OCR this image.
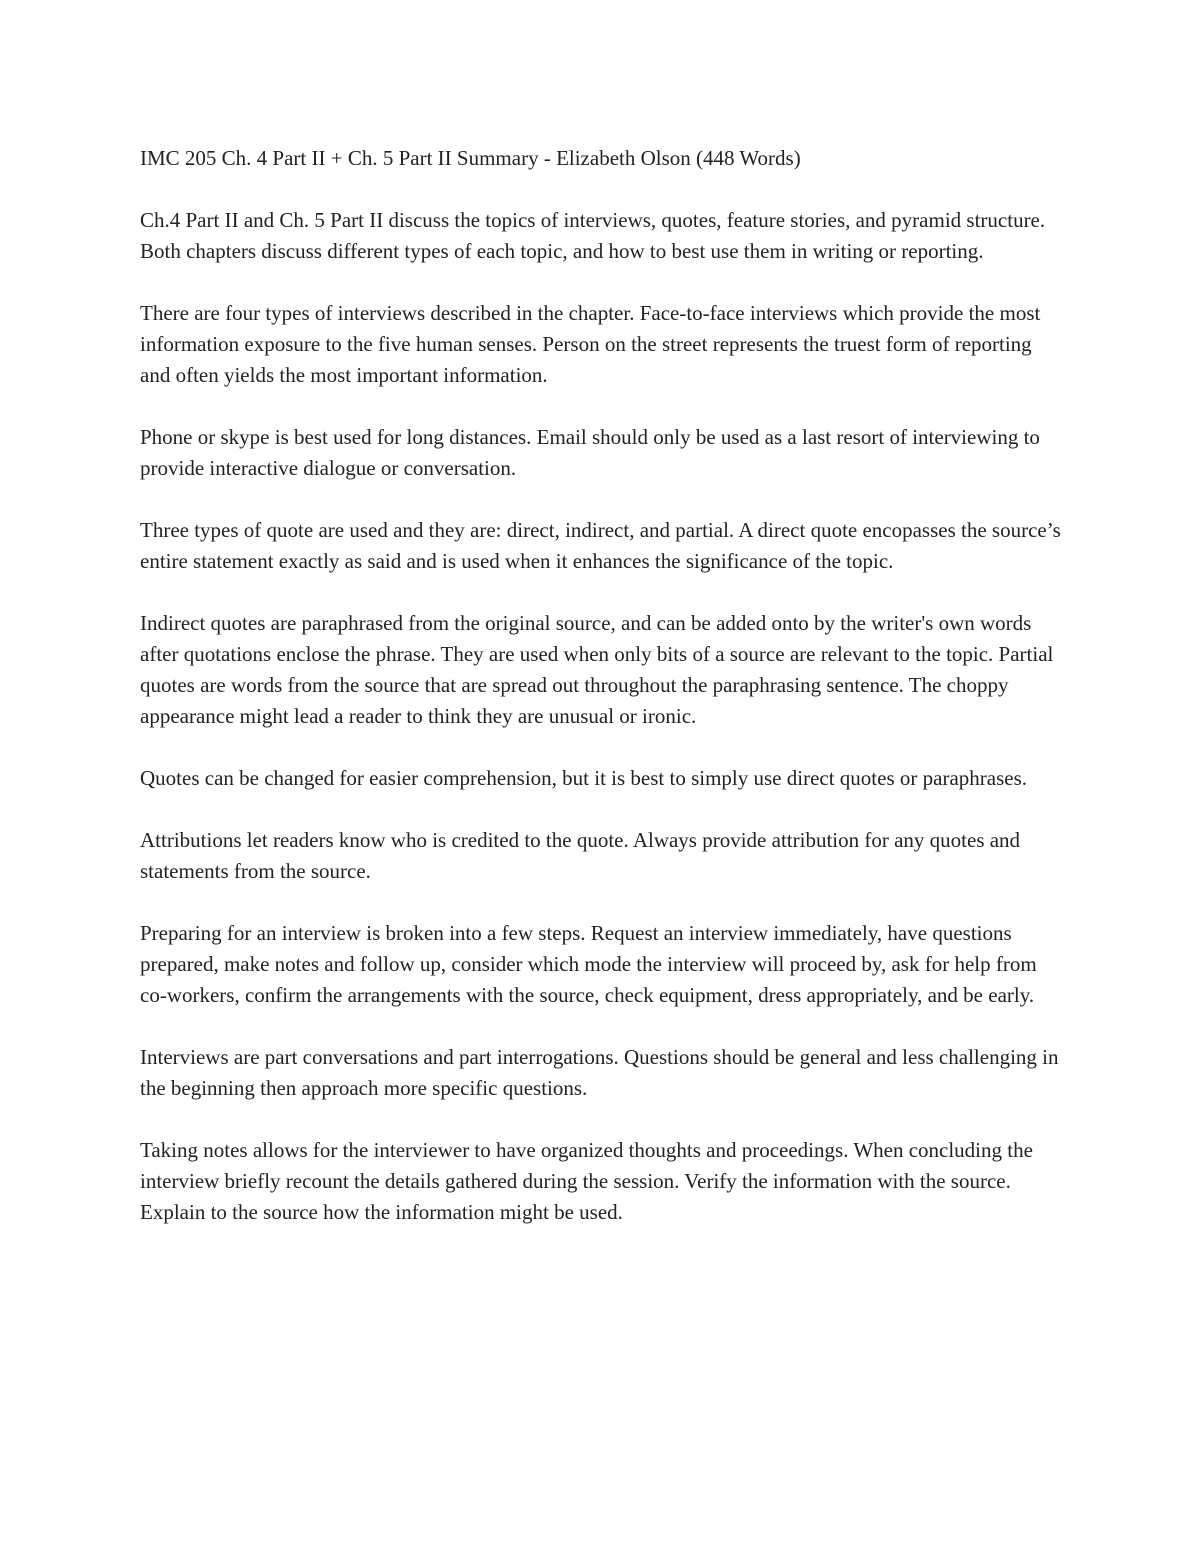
IMC 205 Ch. 4 Part II + Ch. 5 Part II Summary - Elizabeth Olson (448 Words)

Ch.4 Part II and Ch. 5 Part II discuss the topics of interviews, quotes, feature stories, and pyramid structure. Both chapters discuss different types of each topic, and how to best use them in writing or reporting.

There are four types of interviews described in the chapter. Face-to-face interviews which provide the most information exposure to the five human senses. Person on the street represents the truest form of reporting and often yields the most important information.

Phone or skype is best used for long distances. Email should only be used as a last resort of interviewing to provide interactive dialogue or conversation.

Three types of quote are used and they are: direct, indirect, and partial. A direct quote encopasses the source’s entire statement exactly as said and is used when it enhances the significance of the topic.

Indirect quotes are paraphrased from the original source, and can be added onto by the writer's own words after quotations enclose the phrase. They are used when only bits of a source are relevant to the topic. Partial quotes are words from the source that are spread out throughout the paraphrasing sentence. The choppy appearance might lead a reader to think they are unusual or ironic.

Quotes can be changed for easier comprehension, but it is best to simply use direct quotes or paraphrases.

Attributions let readers know who is credited to the quote. Always provide attribution for any quotes and statements from the source.

Preparing for an interview is broken into a few steps. Request an interview immediately, have questions prepared, make notes and follow up, consider which mode the interview will proceed by, ask for help from co-workers, confirm the arrangements with the source, check equipment, dress appropriately, and be early.

Interviews are part conversations and part interrogations. Questions should be general and less challenging in the beginning then approach more specific questions.

Taking notes allows for the interviewer to have organized thoughts and proceedings. When concluding the interview briefly recount the details gathered during the session. Verify the information with the source. Explain to the source how the information might be used.
